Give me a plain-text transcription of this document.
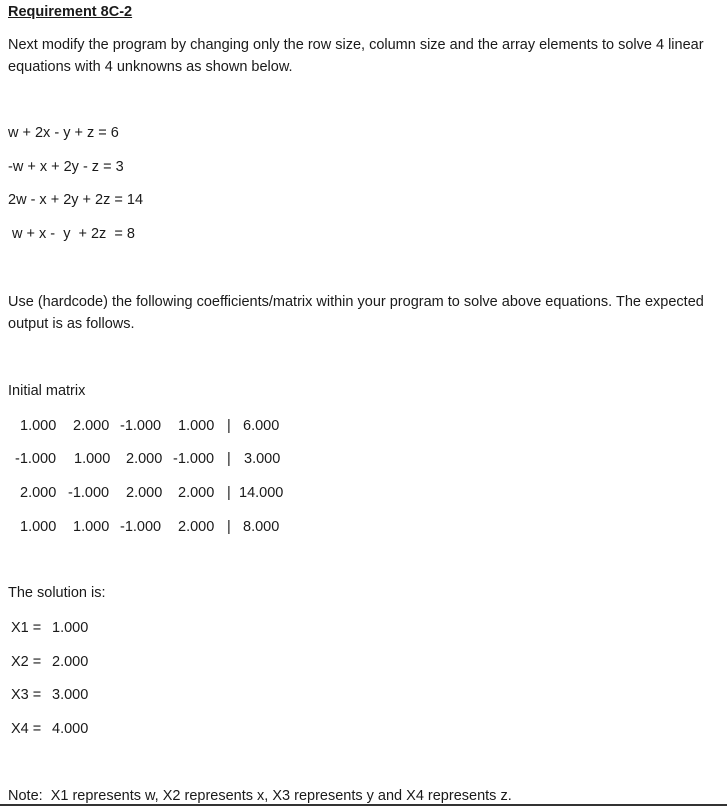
Requirement 8C-2
Next modify the program by changing only the row size, column size and the array elements to solve 4 linear equations with 4 unknowns as shown below.
w + 2x - y + z = 6
-w + x + 2y - z = 3
2w - x + 2y + 2z = 14
w + x -  y  + 2z  = 8
Use (hardcode) the following coefficients/matrix within your program to solve above equations. The expected output is as follows.
Initial matrix
1.000 2.000 -1.000 1.000 | 6.000
-1.000 1.000 2.000 -1.000 | 3.000
2.000 -1.000 2.000 2.000 | 14.000
1.000 1.000 -1.000 2.000 | 8.000
The solution is:
X1 = 1.000
X2 = 2.000
X3 = 3.000
X4 = 4.000
Note:  X1 represents w, X2 represents x, X3 represents y and X4 represents z.
